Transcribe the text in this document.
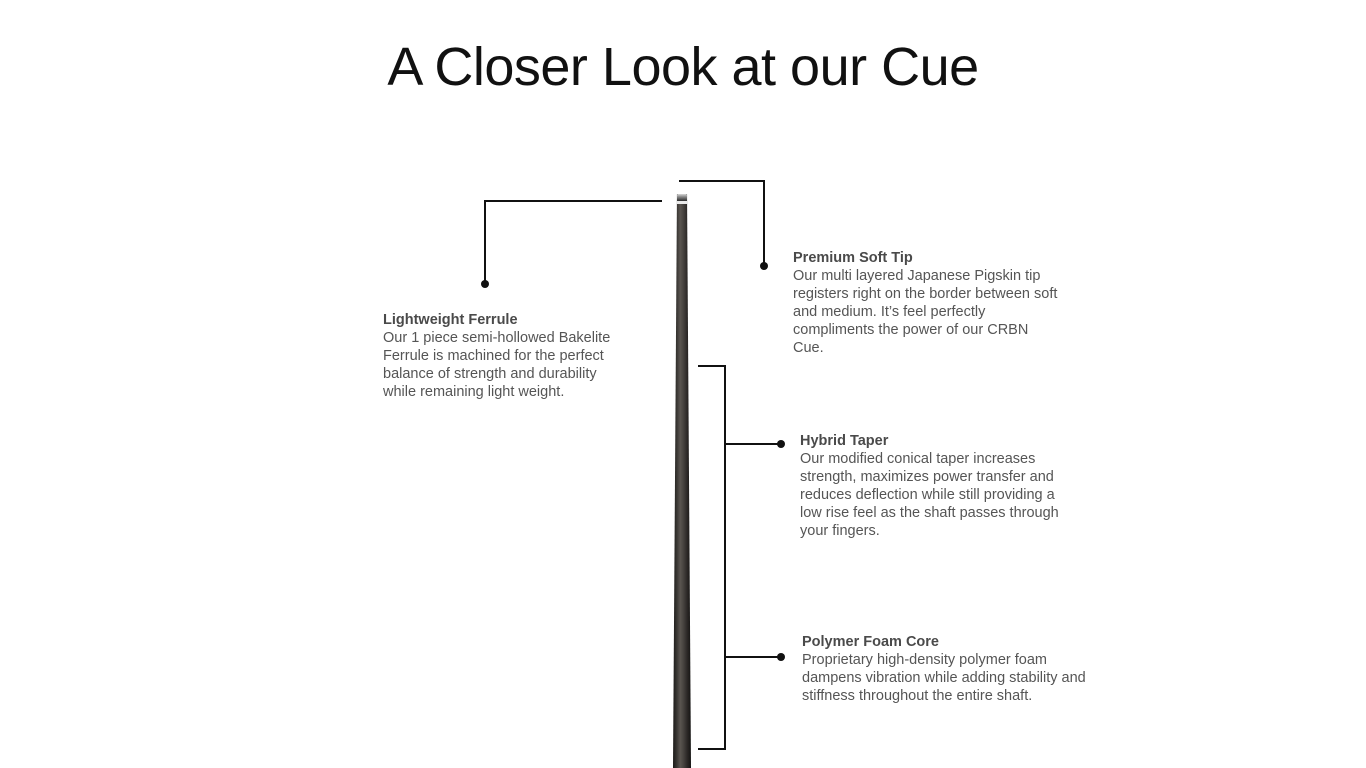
A Closer Look at our Cue
Lightweight Ferrule
Our 1 piece semi-hollowed Bakelite Ferrule is machined for the perfect balance of strength and durability while remaining light weight.
Premium Soft Tip
Our multi layered Japanese Pigskin tip registers right on the border between soft and medium. It’s feel perfectly compliments the power of our CRBN Cue.
Hybrid Taper
Our modified conical taper increases strength, maximizes power transfer and reduces deflection while still providing a low rise feel as the shaft passes through your fingers.
Polymer Foam Core
Proprietary high-density polymer foam dampens vibration while adding stability and stiffness throughout the entire shaft.
